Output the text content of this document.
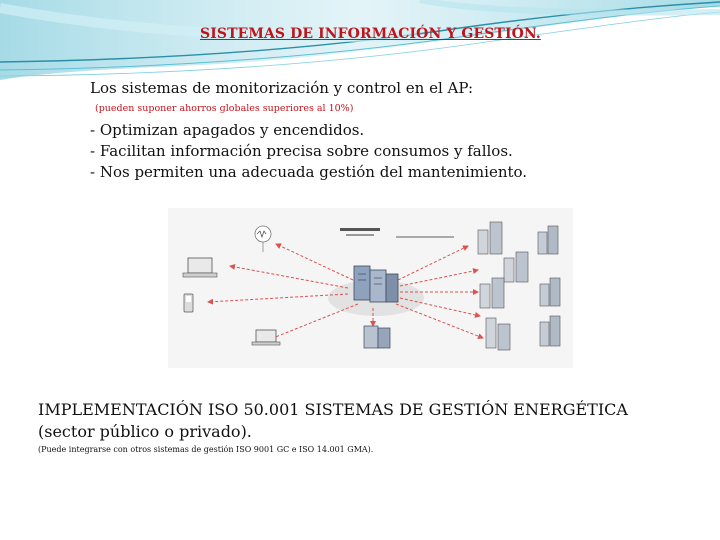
SISTEMAS DE INFORMACIÓN Y GESTIÓN.
Los sistemas de monitorización y control en el AP:
(pueden suponer ahorros globales superiores al 10%)
- Optimizan apagados y encendidos.
- Facilitan información precisa sobre consumos y fallos.
- Nos permiten una adecuada gestión del mantenimiento.
IMPLEMENTACIÓN ISO 50.001 SISTEMAS DE GESTIÓN ENERGÉTICA (sector público o privado).
(Puede integrarse con otros sistemas de gestión ISO 9001 GC e ISO 14.001 GMA).
